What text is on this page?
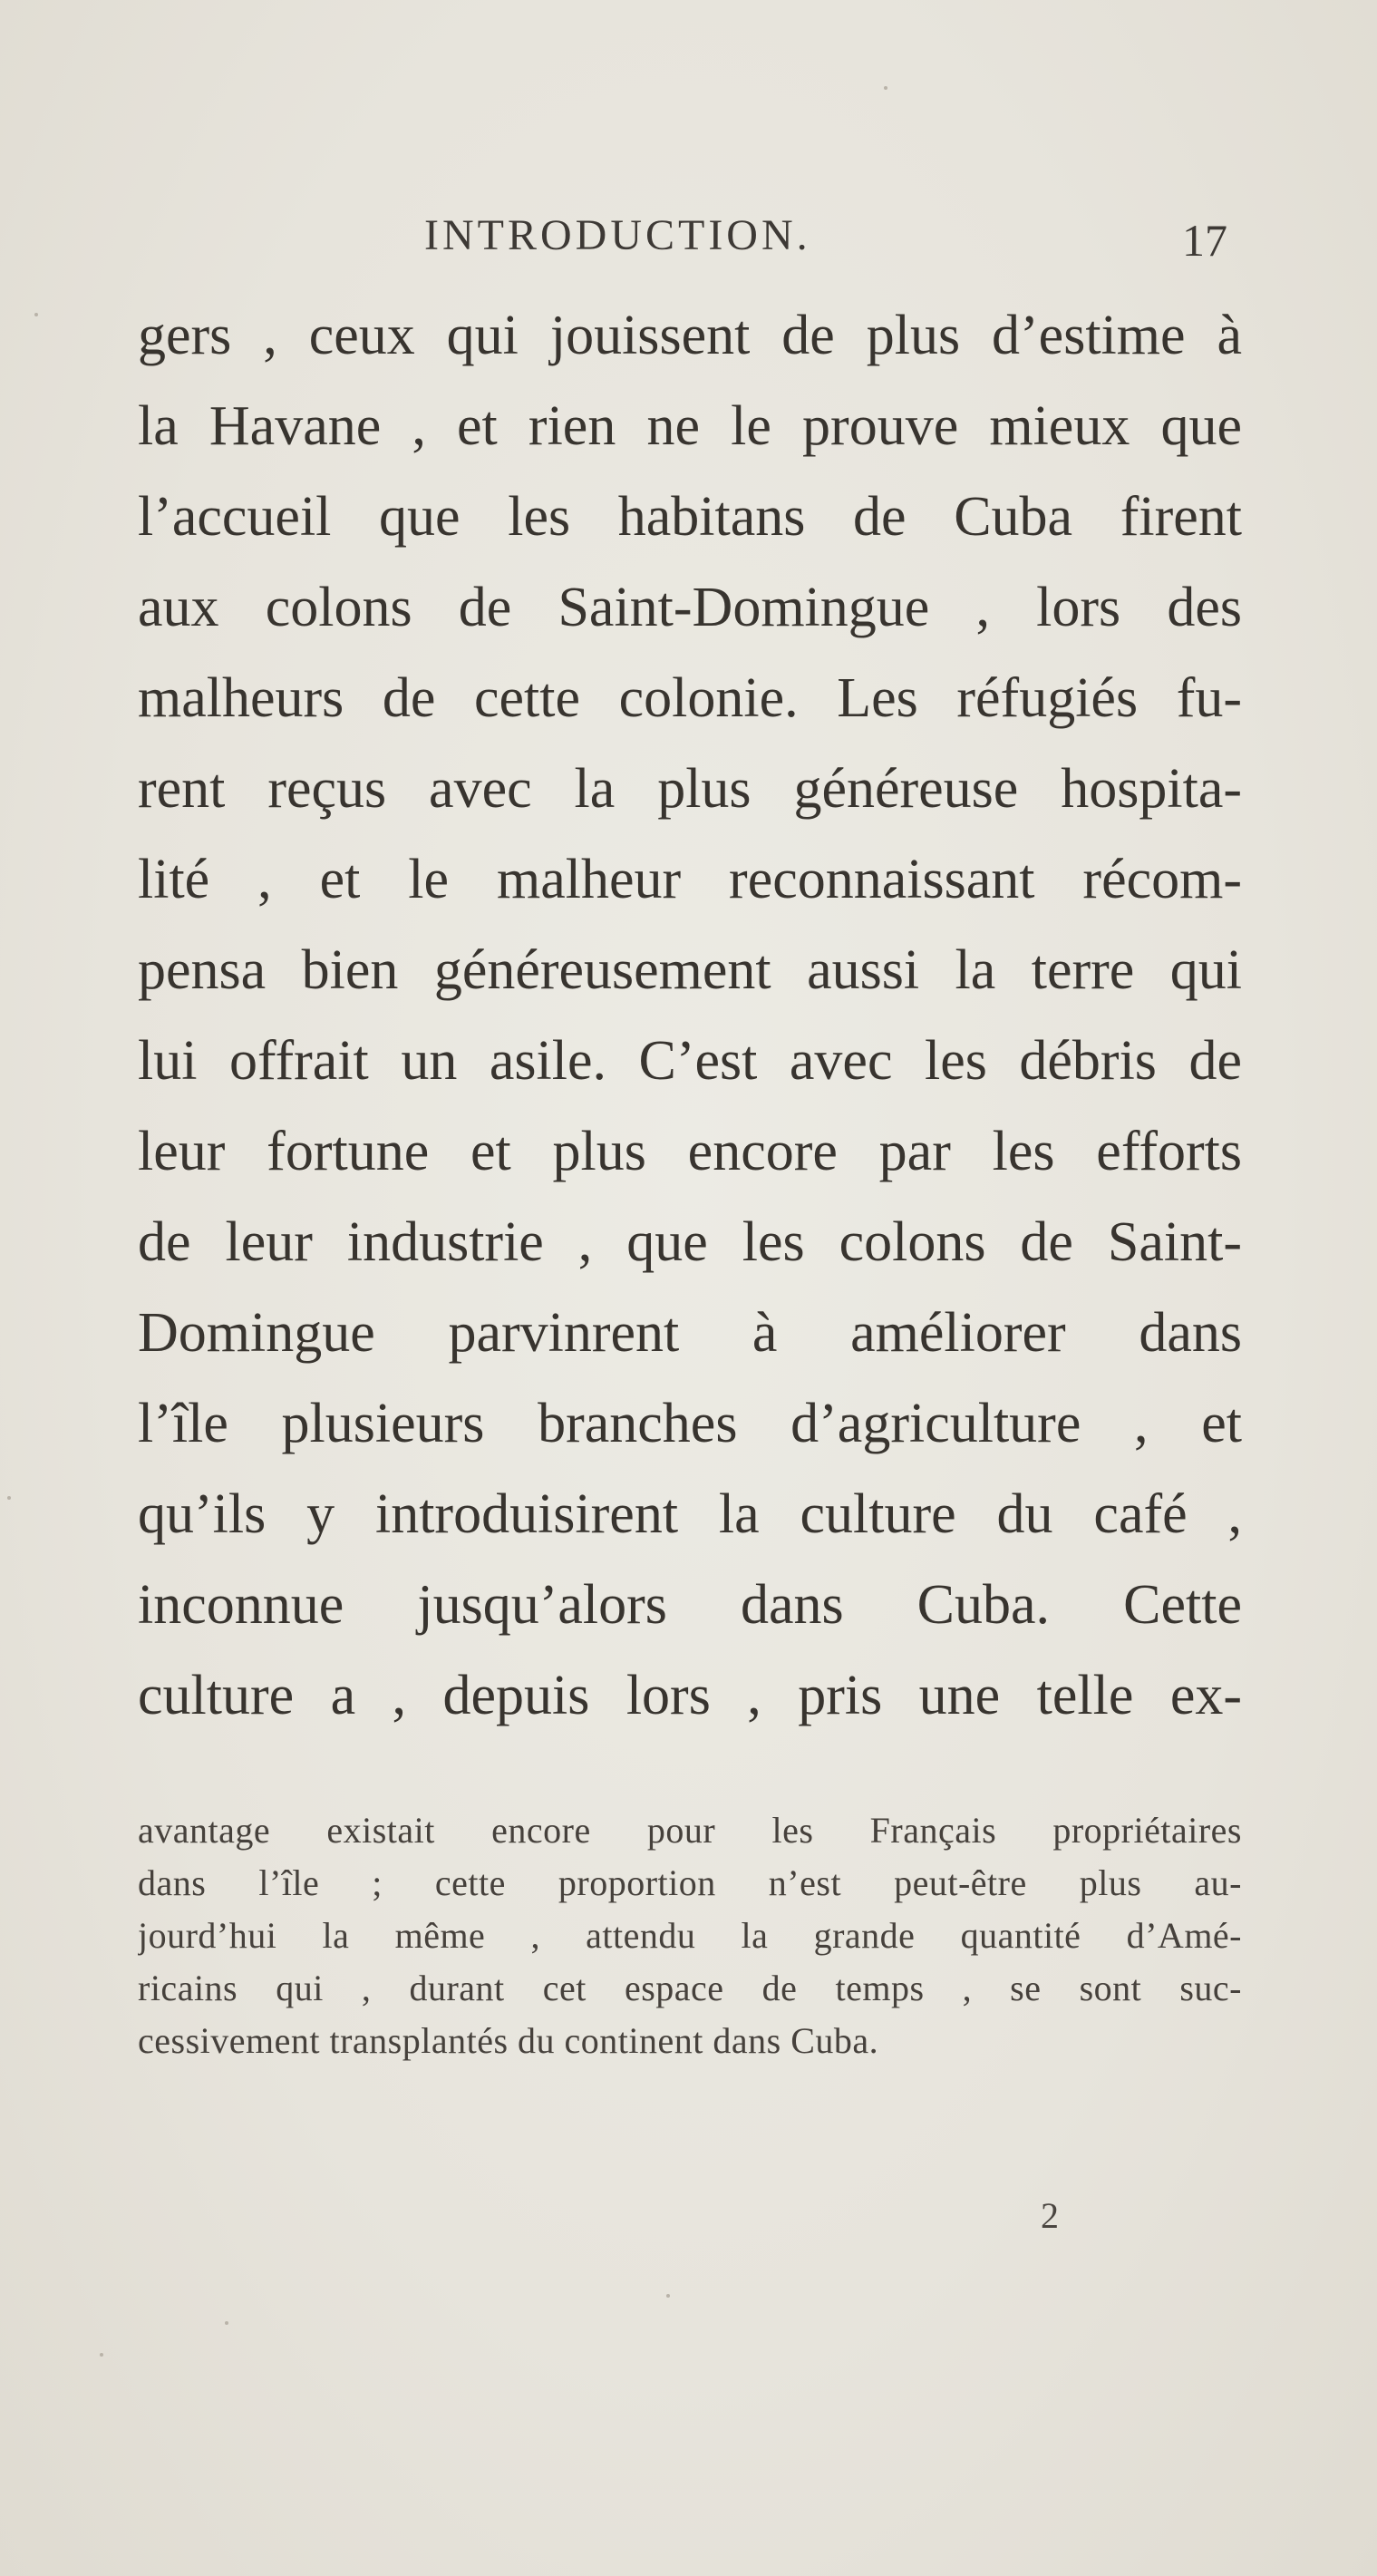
INTRODUCTION.	17
gers , ceux qui jouissent de plus d’estime à
la Havane , et rien ne le prouve mieux que
l’accueil que les habitans de Cuba firent
aux colons de Saint-Domingue , lors des
malheurs de cette colonie. Les réfugiés fu-
rent reçus avec la plus généreuse hospita-
lité , et le malheur reconnaissant récom-
pensa bien généreusement aussi la terre qui
lui offrait un asile. C’est avec les débris de
leur fortune et plus encore par les efforts
de leur industrie , que les colons de Saint-
Domingue parvinrent à améliorer dans
l’île plusieurs branches d’agriculture , et
qu’ils y introduisirent la culture du café ,
inconnue jusqu’alors dans Cuba. Cette
culture a , depuis lors , pris une telle ex-
avantage existait encore pour les Français propriétaires
dans l’île ; cette proportion n’est peut-être plus au-
jourd’hui la même , attendu la grande quantité d’Amé-
ricains qui , durant cet espace de temps , se sont suc-
cessivement transplantés du continent dans Cuba.
2
